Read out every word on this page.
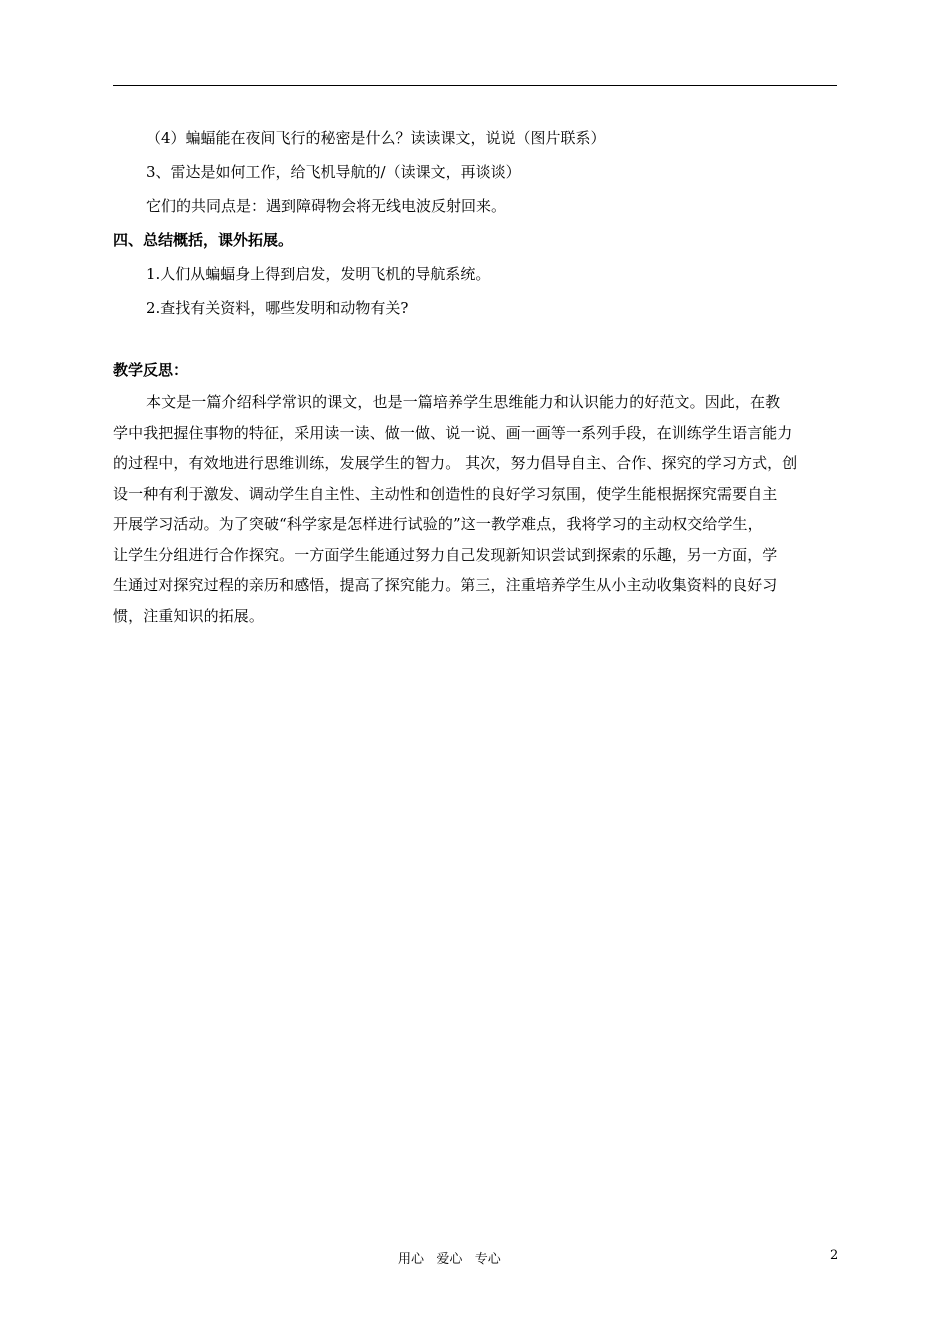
（4）蝙蝠能在夜间飞行的秘密是什么？读读课文，说说（图片联系）
3、雷达是如何工作，给飞机导航的/（读课文，再谈谈）
它们的共同点是：遇到障碍物会将无线电波反射回来。
四、总结概括，课外拓展。
1.人们从蝙蝠身上得到启发，发明飞机的导航系统。
2.查找有关资料，哪些发明和动物有关?
教学反思：
本文是一篇介绍科学常识的课文，也是一篇培养学生思维能力和认识能力的好范文。因此，在教
学中我把握住事物的特征，采用读一读、做一做、说一说、画一画等一系列手段，在训练学生语言能力
的过程中，有效地进行思维训练，发展学生的智力。 其次，努力倡导自主、合作、探究的学习方式，创
设一种有利于激发、调动学生自主性、主动性和创造性的良好学习氛围，使学生能根据探究需要自主
开展学习活动。为了突破“科学家是怎样进行试验的”这一教学难点，我将学习的主动权交给学生，
让学生分组进行合作探究。一方面学生能通过努力自己发现新知识尝试到探索的乐趣，另一方面，学
生通过对探究过程的亲历和感悟，提高了探究能力。第三，注重培养学生从小主动收集资料的良好习
惯，注重知识的拓展。
用心   爱心   专心	2
